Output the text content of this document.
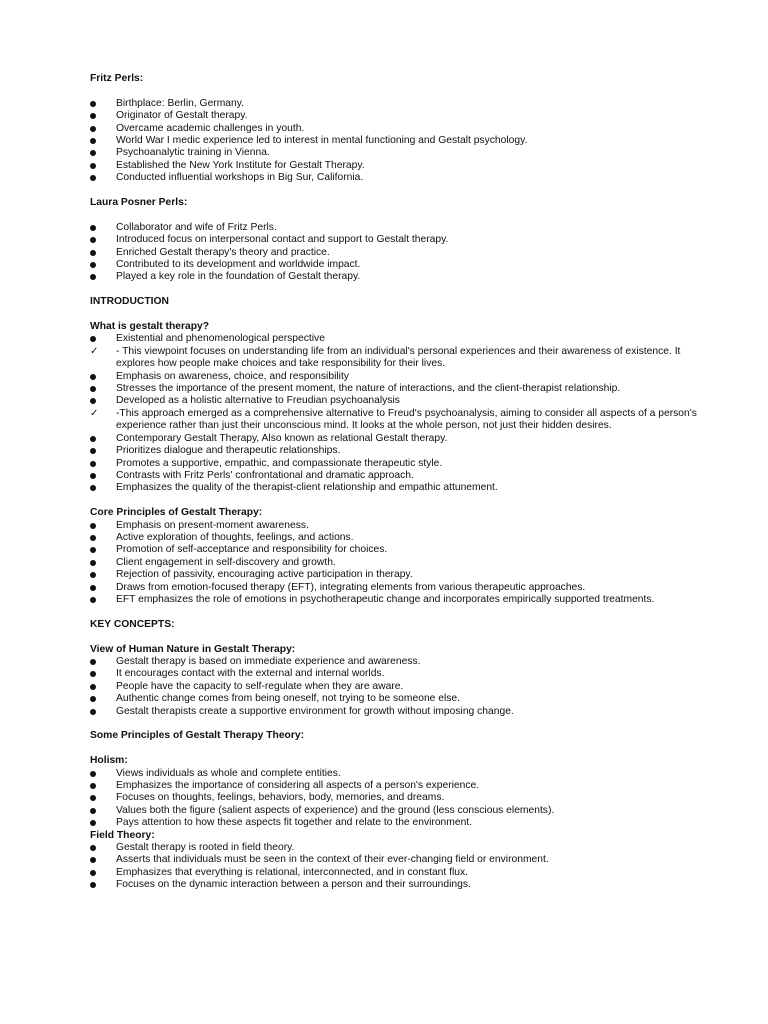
Fritz Perls:
Birthplace: Berlin, Germany.
Originator of Gestalt therapy.
Overcame academic challenges in youth.
World War I medic experience led to interest in mental functioning and Gestalt psychology.
Psychoanalytic training in Vienna.
Established the New York Institute for Gestalt Therapy.
Conducted influential workshops in Big Sur, California.
Laura Posner Perls:
Collaborator and wife of Fritz Perls.
Introduced focus on interpersonal contact and support to Gestalt therapy.
Enriched Gestalt therapy's theory and practice.
Contributed to its development and worldwide impact.
Played a key role in the foundation of Gestalt therapy.
INTRODUCTION
What is gestalt therapy?
Existential and phenomenological perspective
✓	- This viewpoint focuses on understanding life from an individual's personal experiences and their awareness of existence. It explores how people make choices and take responsibility for their lives.
Emphasis on awareness, choice, and responsibility
Stresses the importance of the present moment, the nature of interactions, and the client-therapist relationship.
Developed as a holistic alternative to Freudian psychoanalysis
✓	-This approach emerged as a comprehensive alternative to Freud's psychoanalysis, aiming to consider all aspects of a person's experience rather than just their unconscious mind. It looks at the whole person, not just their hidden desires.
Contemporary Gestalt Therapy, Also known as relational Gestalt therapy.
Prioritizes dialogue and therapeutic relationships.
Promotes a supportive, empathic, and compassionate therapeutic style.
Contrasts with Fritz Perls' confrontational and dramatic approach.
Emphasizes the quality of the therapist-client relationship and empathic attunement.
Core Principles of Gestalt Therapy:
Emphasis on present-moment awareness.
Active exploration of thoughts, feelings, and actions.
Promotion of self-acceptance and responsibility for choices.
Client engagement in self-discovery and growth.
Rejection of passivity, encouraging active participation in therapy.
Draws from emotion-focused therapy (EFT), integrating elements from various therapeutic approaches.
EFT emphasizes the role of emotions in psychotherapeutic change and incorporates empirically supported treatments.
KEY CONCEPTS:
View of Human Nature in Gestalt Therapy:
Gestalt therapy is based on immediate experience and awareness.
It encourages contact with the external and internal worlds.
People have the capacity to self-regulate when they are aware.
Authentic change comes from being oneself, not trying to be someone else.
Gestalt therapists create a supportive environment for growth without imposing change.
Some Principles of Gestalt Therapy Theory:
Holism:
Views individuals as whole and complete entities.
Emphasizes the importance of considering all aspects of a person's experience.
Focuses on thoughts, feelings, behaviors, body, memories, and dreams.
Values both the figure (salient aspects of experience) and the ground (less conscious elements).
Pays attention to how these aspects fit together and relate to the environment.
Field Theory:
Gestalt therapy is rooted in field theory.
Asserts that individuals must be seen in the context of their ever-changing field or environment.
Emphasizes that everything is relational, interconnected, and in constant flux.
Focuses on the dynamic interaction between a person and their surroundings.
